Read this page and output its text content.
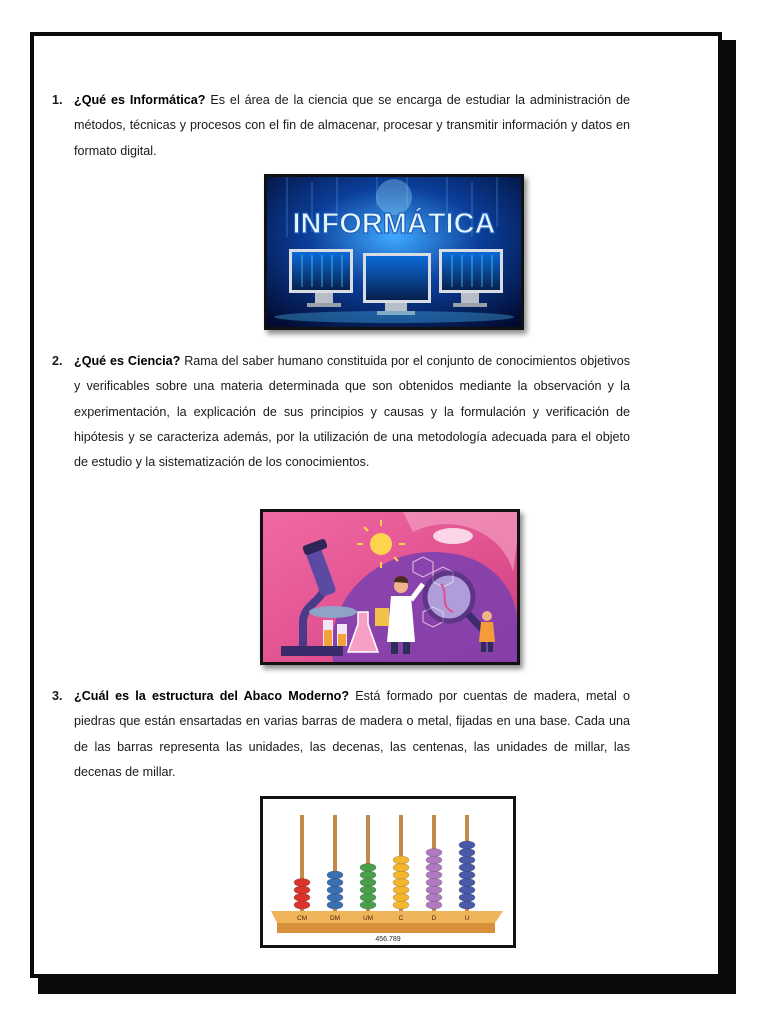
1. ¿Qué es Informática? Es el área de la ciencia que se encarga de estudiar la administración de métodos, técnicas y procesos con el fin de almacenar, procesar y transmitir información y datos en formato digital.
INFORMÁTICA
2. ¿Qué es Ciencia? Rama del saber humano constituida por el conjunto de conocimientos objetivos y verificables sobre una materia determinada que son obtenidos mediante la observación y la experimentación, la explicación de sus principios y causas y la formulación y verificación de hipótesis y se caracteriza además, por la utilización de una metodología adecuada para el objeto de estudio y la sistematización de los conocimientos.
3. ¿Cuál es la estructura del Abaco Moderno? Está formado por cuentas de madera, metal o piedras que están ensartadas en varias barras de madera o metal, fijadas en una base. Cada una de las barras representa las unidades, las decenas, las centenas, las unidades de millar, las decenas de millar.
CM	DM	UM	C	D	U
456.789
